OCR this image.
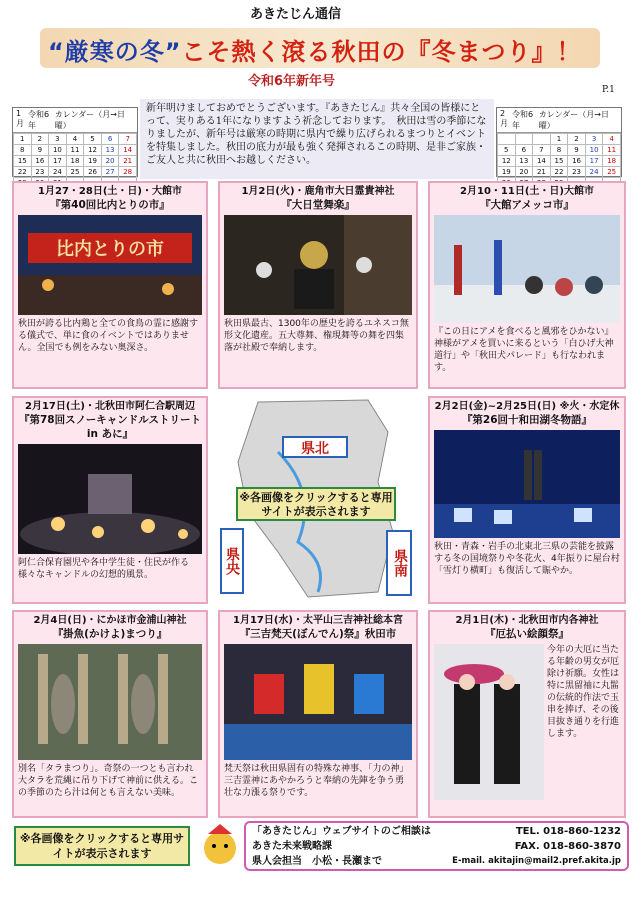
あきたじん通信
“厳寒の冬”こそ熱く滾る秋田の『冬まつり』！
令和6年新年号
P.1
1月
令和6年
カレンダー（月→日曜）
1	2	3	4	5	6	7
8	9	10	11	12	13	14
15	16	17	18	19	20	21
22	23	24	25	26	27	28

2月
令和6年
カレンダー（月→日曜）
			1	2	3	4
5	6	7	8	9	10	11
12	13	14	15	16	17	18
19	20	21	22	23	24	25

新年明けましておめでとうございます。『あきたじん』共々全国の皆様にとって、実りある1年になりますよう祈念しております。　秋田は雪の季節になりましたが、新年号は厳寒の時期に県内で繰り広げられるまつりとイベントを特集しました。秋田の底力が最も強く発揮されるこの時期、是非ご家族・ご友人と共に秋田へお越しください。
1月27・28日(土・日)・大館市
『第40回比内とりの市』
比内とりの市
秋田が誇る比内鶏と全ての食鳥の霊に感謝する儀式で、単に食のイベントではありません。全国でも例をみない奥深さ。
1月2日(火)・鹿角市大日霊貴神社
『大日堂舞楽』
秋田県最古、1300年の歴史を誇るユネスコ無形文化遺産。五大尊舞、権現舞等の舞を四集落が社殿で奉納します。
2月10・11日(土・日)大館市
『大館アメッコ市』
『この日にアメを食べると風邪をひかない』神様がアメを買いに来るという「白ひげ大神道行」や「秋田犬パレード」も行なわれます。
2月17日(土)・北秋田市阿仁合駅周辺
『第78回スノーキャンドルストリート in あに』
阿仁合保育園児や各中学生徒・住民が作る様々なキャンドルの幻想的風景。
県北
県央	県南
※各画像をクリックすると専用サイトが表示されます
2月2日(金)~2月25日(日) ※火・水定休
『第26回十和田湖冬物語』
秋田・青森・岩手の北東北三県の芸能を披露する冬の国境祭りや冬花火、4年振りに屋台村「雪灯り横町」も復活して賑やか。
2月4日(日)・にかほ市金浦山神社
『掛魚(かけよ)まつり』
別名「タラまつり」。奇祭の一つとも言われ大タラを荒縄に吊り下げて神前に供える。この季節のたら汁は何とも言えない美味。
1月17日(水)・太平山三吉神社総本宮
『三吉梵天(ぼんでん)祭』秋田市
梵天祭は秋田県固有の特殊な神事、「力の神」三吉霊神にあやかろうと奉納の先陣を争う勇壮な力漲る祭りです。
2月1日(木)・北秋田市内各神社
『厄払い絵顔祭』
今年の大厄に当たる年齢の男女が厄除け祈願。女性は特に黒留袖に丸髷の伝統的作法で玉串を捧げ、その後目抜き通りを行進します。
※各画像をクリックすると専用サイトが表示されます
「あきたじん」ウェブサイトのご相談は	TEL. 018-860-1232
あきた未来戦略課	FAX. 018-860-3870
県人会担当　小松・長瀬まで	E-mail. akitajin@mail2.pref.akita.jp
